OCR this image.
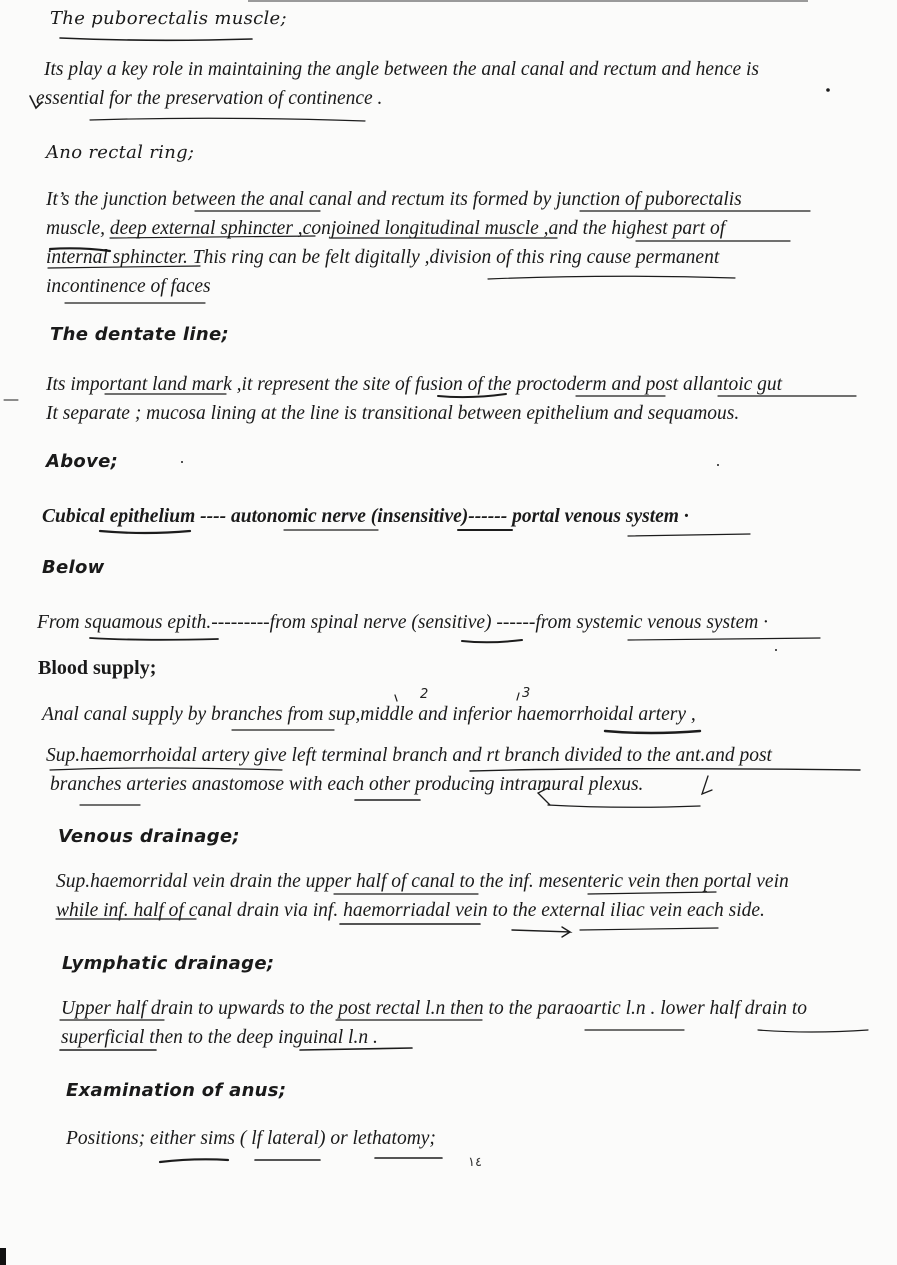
The puborectalis muscle;
Its play a key role in maintaining the angle between the anal canal and rectum and hence is
essential for the preservation of continence .
Ano rectal ring;
It’s the junction between the anal canal and rectum its formed by junction of puborectalis
muscle, deep external sphincter ,conjoined longitudinal muscle ,and the highest part of
internal sphincter. This ring can be felt digitally ,division of this ring cause permanent
incontinence of faces
The dentate line;
Its important land mark ,it represent the site of fusion of the proctoderm and post allantoic gut
It separate ; mucosa lining at the line is transitional between epithelium and sequamous.
Above;
Cubical epithelium ---- autonomic nerve (insensitive)------ portal venous system ·
Below
From squamous epith.---------from spinal nerve (sensitive) ------from systemic venous system ·
Blood supply;
2	3
Anal canal supply by branches from sup,middle and inferior haemorrhoidal artery ,
Sup.haemorrhoidal artery give left terminal branch and rt branch divided to the ant.and post
branches arteries anastomose with each other producing intramural plexus.
Venous drainage;
Sup.haemorridal vein drain the upper half of canal to the inf. mesenteric vein then portal vein
while inf. half of canal drain via inf. haemorriadal vein to the external iliac vein each side.
Lymphatic drainage;
Upper half drain to upwards to the post rectal l.n then to the paraoartic l.n . lower half drain to
superficial then to the deep inguinal l.n .
Examination of anus;
Positions; either sims ( lf lateral) or lethatomy;
١٤
